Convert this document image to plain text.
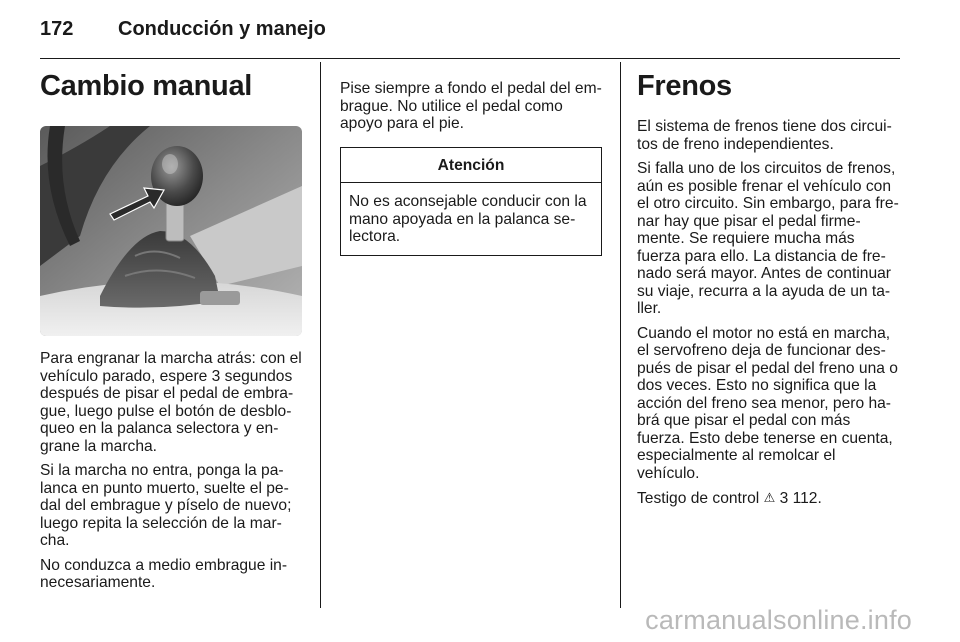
172 Conducción y manejo
Cambio manual

Para engranar la marcha atrás: con el vehículo parado, espere 3 segundos después de pisar el pedal de embrague, luego pulse el botón de desbloqueo en la palanca selectora y engrane la marcha.

Si la marcha no entra, ponga la palanca en punto muerto, suelte el pedal del embrague y píselo de nuevo; luego repita la selección de la marcha.

No conduzca a medio embrague innecesariamente.

Pise siempre a fondo el pedal del embrague. No utilice el pedal como apoyo para el pie.

Atención
No es aconsejable conducir con la mano apoyada en la palanca selectora.
Frenos

El sistema de frenos tiene dos circuitos de freno independientes.

Si falla uno de los circuitos de frenos, aún es posible frenar el vehículo con el otro circuito. Sin embargo, para frenar hay que pisar el pedal firmemente. Se requiere mucha más fuerza para ello. La distancia de frenado será mayor. Antes de continuar su viaje, recurra a la ayuda de un taller.

Cuando el motor no está en marcha, el servofreno deja de funcionar después de pisar el pedal del freno una o dos veces. Esto no significa que la acción del freno sea menor, pero habrá que pisar el pedal con más fuerza. Esto debe tenerse en cuenta, especialmente al remolcar el vehículo.

Testigo de control ⚠ 3 112.

carmanualsonline.info
